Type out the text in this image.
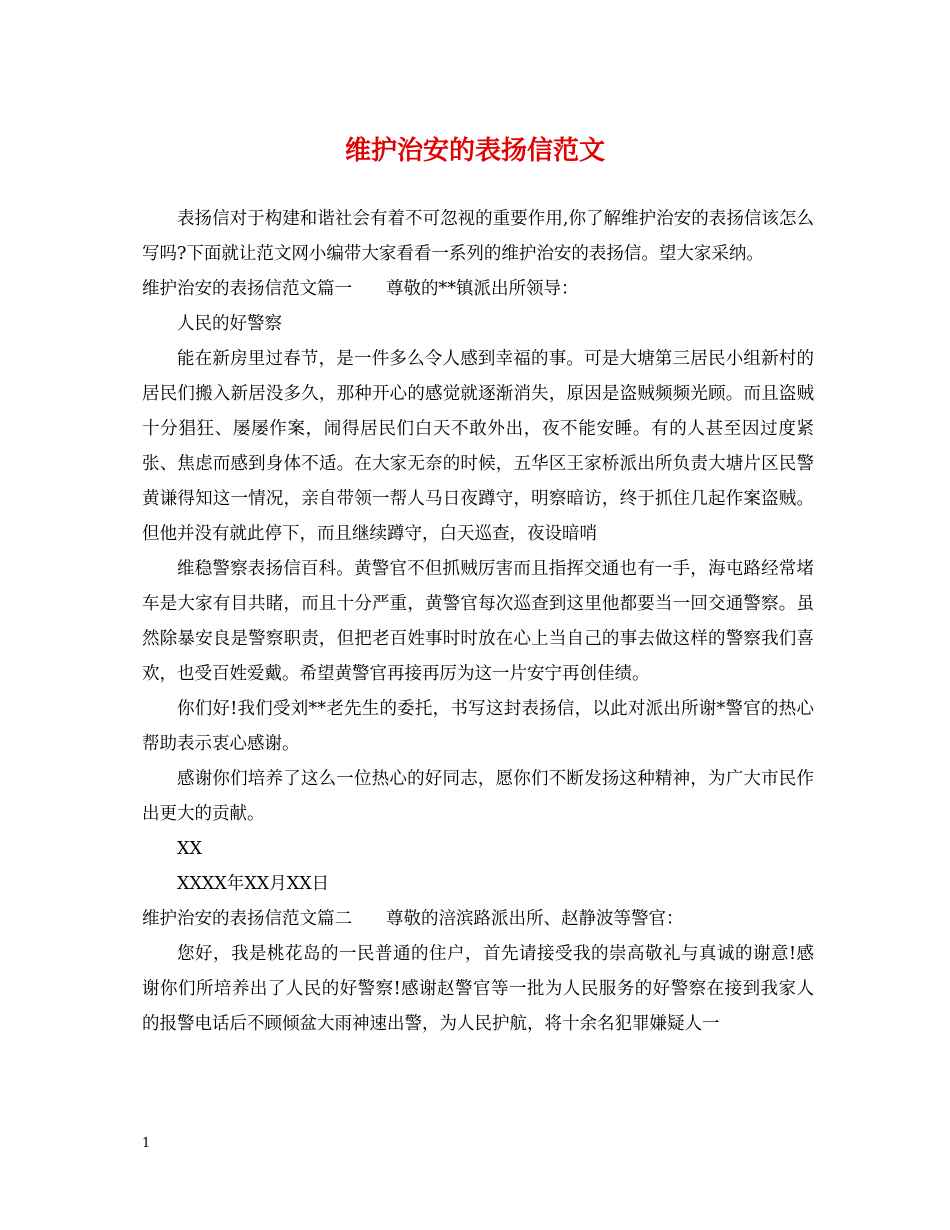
维护治安的表扬信范文

表扬信对于构建和谐社会有着不可忽视的重要作用,你了解维护治安的表扬信该怎么写吗?下面就让范文网小编带大家看看一系列的维护治安的表扬信。望大家采纳。

维护治安的表扬信范文篇一 尊敬的**镇派出所领导：

人民的好警察

能在新房里过春节，是一件多么令人感到幸福的事。可是大塘第三居民小组新村的居民们搬入新居没多久，那种开心的感觉就逐渐消失，原因是盗贼频频光顾。而且盗贼十分猖狂、屡屡作案，闹得居民们白天不敢外出，夜不能安睡。有的人甚至因过度紧张、焦虑而感到身体不适。在大家无奈的时候，五华区王家桥派出所负责大塘片区民警黄谦得知这一情况，亲自带领一帮人马日夜蹲守，明察暗访，终于抓住几起作案盗贼。但他并没有就此停下，而且继续蹲守，白天巡查，夜设暗哨

维稳警察表扬信百科。黄警官不但抓贼厉害而且指挥交通也有一手，海屯路经常堵车是大家有目共睹，而且十分严重，黄警官每次巡查到这里他都要当一回交通警察。虽然除暴安良是警察职责，但把老百姓事时时放在心上当自己的事去做这样的警察我们喜欢，也受百姓爱戴。希望黄警官再接再厉为这一片安宁再创佳绩。

你们好!我们受刘**老先生的委托，书写这封表扬信，以此对派出所谢*警官的热心帮助表示衷心感谢。

感谢你们培养了这么一位热心的好同志，愿你们不断发扬这种精神，为广大市民作出更大的贡献。

XX

XXXX年XX月XX日

维护治安的表扬信范文篇二 尊敬的涪滨路派出所、赵静波等警官：

您好，我是桃花岛的一民普通的住户，首先请接受我的崇高敬礼与真诚的谢意!感谢你们所培养出了人民的好警察!感谢赵警官等一批为人民服务的好警察在接到我家人的报警电话后不顾倾盆大雨神速出警，为人民护航，将十余名犯罪嫌疑人一

1
